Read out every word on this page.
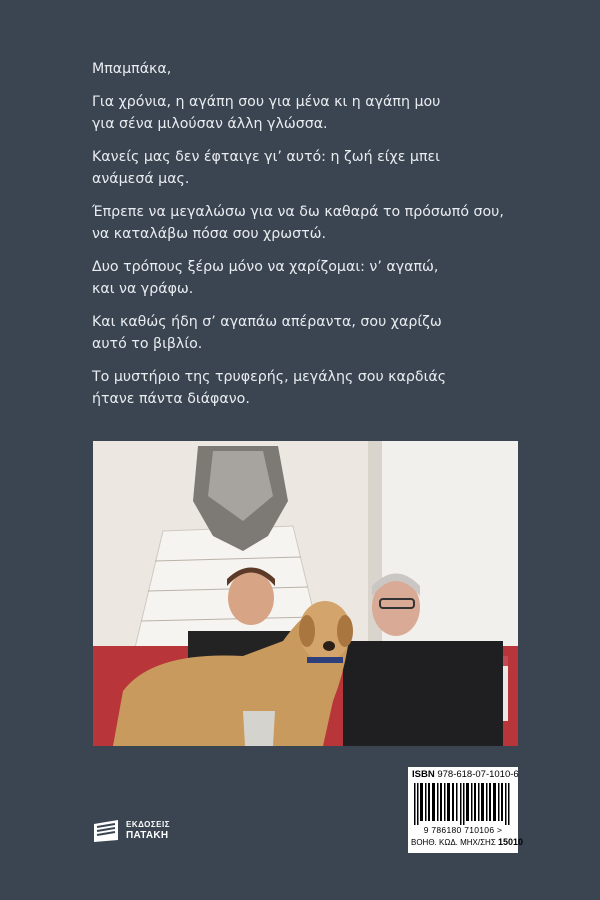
Μπαμπάκα,

Για χρόνια, η αγάπη σου για μένα κι η αγάπη μου
για σένα μιλούσαν άλλη γλώσσα.

Κανείς μας δεν έφταιγε γι’ αυτό: η ζωή είχε μπει
ανάμεσά μας.

Έπρεπε να μεγαλώσω για να δω καθαρά το πρόσωπό σου,
να καταλάβω πόσα σου χρωστώ.

Δυο τρόπους ξέρω μόνο να χαρίζομαι: ν’ αγαπώ,
και να γράφω.

Και καθώς ήδη σ’ αγαπάω απέραντα, σου χαρίζω
αυτό το βιβλίο.

Το μυστήριο της τρυφερής, μεγάλης σου καρδιάς
ήτανε πάντα διάφανο.

ΕΚΔΟΣΕΙΣ
ΠΑΤΑΚΗ
ISBN 978-618-07-1010-6
9 786180 710106 >
ΒΟΗΘ. ΚΩΔ. ΜΗΧ/ΣΗΣ 15010
